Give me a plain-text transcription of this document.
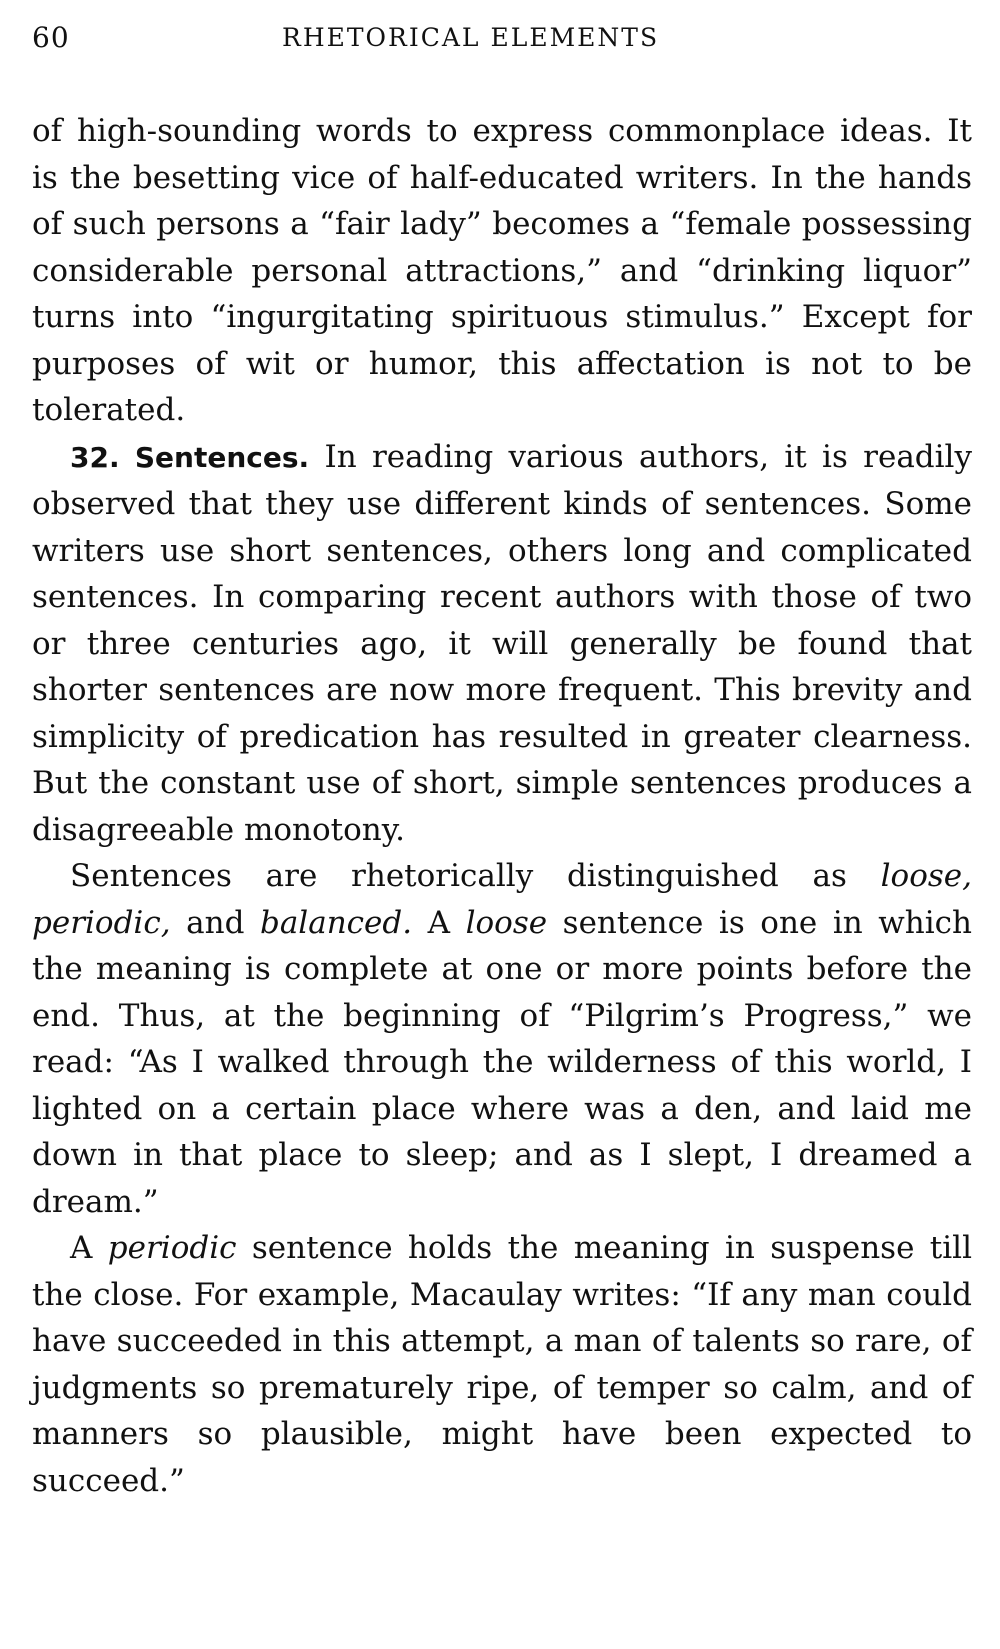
60	RHETORICAL ELEMENTS

of high-sounding words to express commonplace ideas. It is the besetting vice of half-educated writers. In the hands of such persons a “fair lady” becomes a “female possessing considerable personal attractions,” and “drinking liquor” turns into “ingurgitating spirituous stimulus.” Except for purposes of wit or humor, this affectation is not to be tolerated.

32. Sentences. In reading various authors, it is readily observed that they use different kinds of sentences. Some writers use short sentences, others long and complicated sentences. In comparing recent authors with those of two or three centuries ago, it will generally be found that shorter sentences are now more frequent. This brevity and simplicity of predication has resulted in greater clearness. But the constant use of short, simple sentences produces a disagreeable monotony.

Sentences are rhetorically distinguished as loose, periodic, and balanced. A loose sentence is one in which the meaning is complete at one or more points before the end. Thus, at the beginning of “Pilgrim’s Progress,” we read: “As I walked through the wilderness of this world, I lighted on a certain place where was a den, and laid me down in that place to sleep; and as I slept, I dreamed a dream.”

A periodic sentence holds the meaning in suspense till the close. For example, Macaulay writes: “If any man could have succeeded in this attempt, a man of talents so rare, of judgments so prematurely ripe, of temper so calm, and of manners so plausible, might have been expected to succeed.”
